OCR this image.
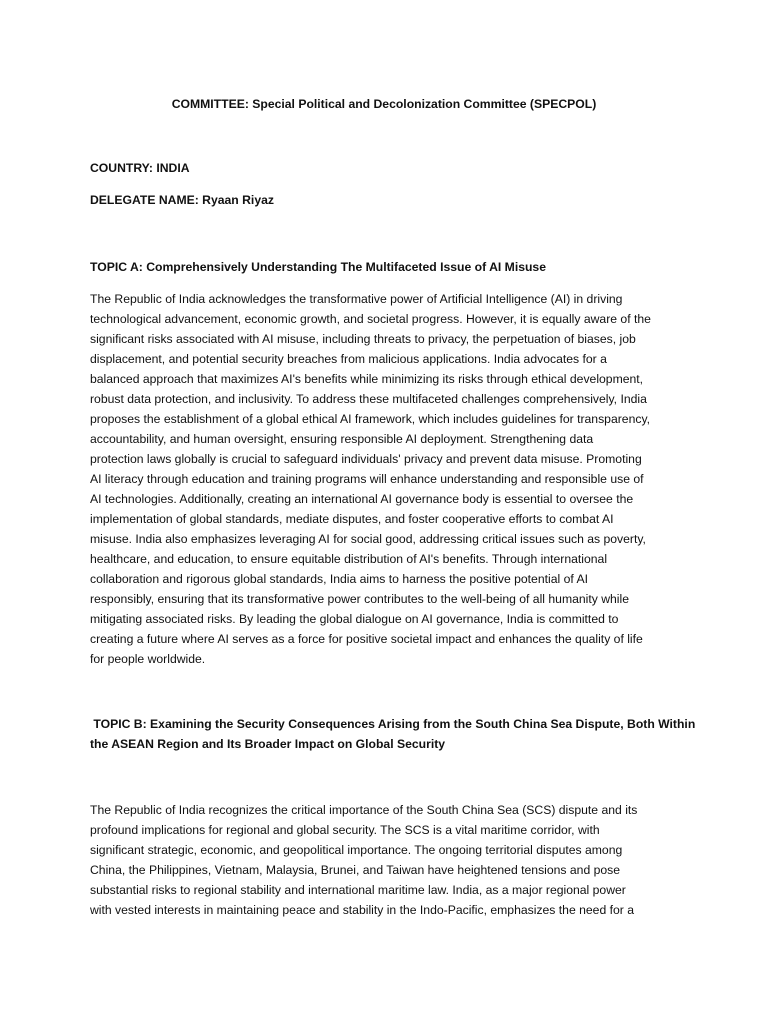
COMMITTEE: Special Political and Decolonization Committee (SPECPOL)
COUNTRY: INDIA
DELEGATE NAME: Ryaan Riyaz
TOPIC A: Comprehensively Understanding The Multifaceted Issue of AI Misuse
The Republic of India acknowledges the transformative power of Artificial Intelligence (AI) in driving
technological advancement, economic growth, and societal progress. However, it is equally aware of the
significant risks associated with AI misuse, including threats to privacy, the perpetuation of biases, job
displacement, and potential security breaches from malicious applications. India advocates for a
balanced approach that maximizes AI's benefits while minimizing its risks through ethical development,
robust data protection, and inclusivity. To address these multifaceted challenges comprehensively, India
proposes the establishment of a global ethical AI framework, which includes guidelines for transparency,
accountability, and human oversight, ensuring responsible AI deployment. Strengthening data
protection laws globally is crucial to safeguard individuals' privacy and prevent data misuse. Promoting
AI literacy through education and training programs will enhance understanding and responsible use of
AI technologies. Additionally, creating an international AI governance body is essential to oversee the
implementation of global standards, mediate disputes, and foster cooperative efforts to combat AI
misuse. India also emphasizes leveraging AI for social good, addressing critical issues such as poverty,
healthcare, and education, to ensure equitable distribution of AI's benefits. Through international
collaboration and rigorous global standards, India aims to harness the positive potential of AI
responsibly, ensuring that its transformative power contributes to the well-being of all humanity while
mitigating associated risks. By leading the global dialogue on AI governance, India is committed to
creating a future where AI serves as a force for positive societal impact and enhances the quality of life
for people worldwide.
TOPIC B: Examining the Security Consequences Arising from the South China Sea Dispute, Both Within
the ASEAN Region and Its Broader Impact on Global Security
The Republic of India recognizes the critical importance of the South China Sea (SCS) dispute and its
profound implications for regional and global security. The SCS is a vital maritime corridor, with
significant strategic, economic, and geopolitical importance. The ongoing territorial disputes among
China, the Philippines, Vietnam, Malaysia, Brunei, and Taiwan have heightened tensions and pose
substantial risks to regional stability and international maritime law. India, as a major regional power
with vested interests in maintaining peace and stability in the Indo-Pacific, emphasizes the need for a
